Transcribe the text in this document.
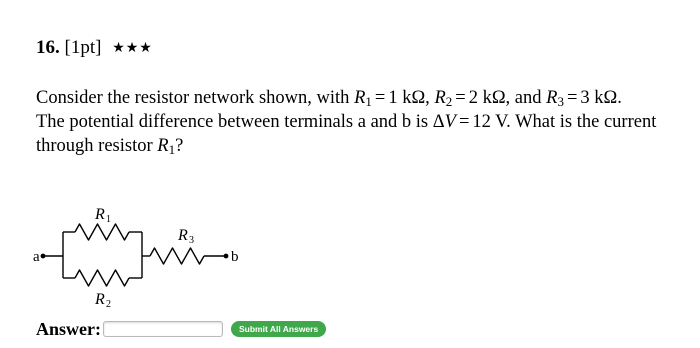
16. [1pt] ★★★

Consider the resistor network shown, with $R_1 = 1$ kΩ, $R_2 = 2$ kΩ, and $R_3 = 3$ kΩ.

The potential difference between terminals a and b is ΔV = 12 V. What is the current

through resistor $R_1$?

a	b
R 1
R 2
R 3
Answer:	Submit All Answers
